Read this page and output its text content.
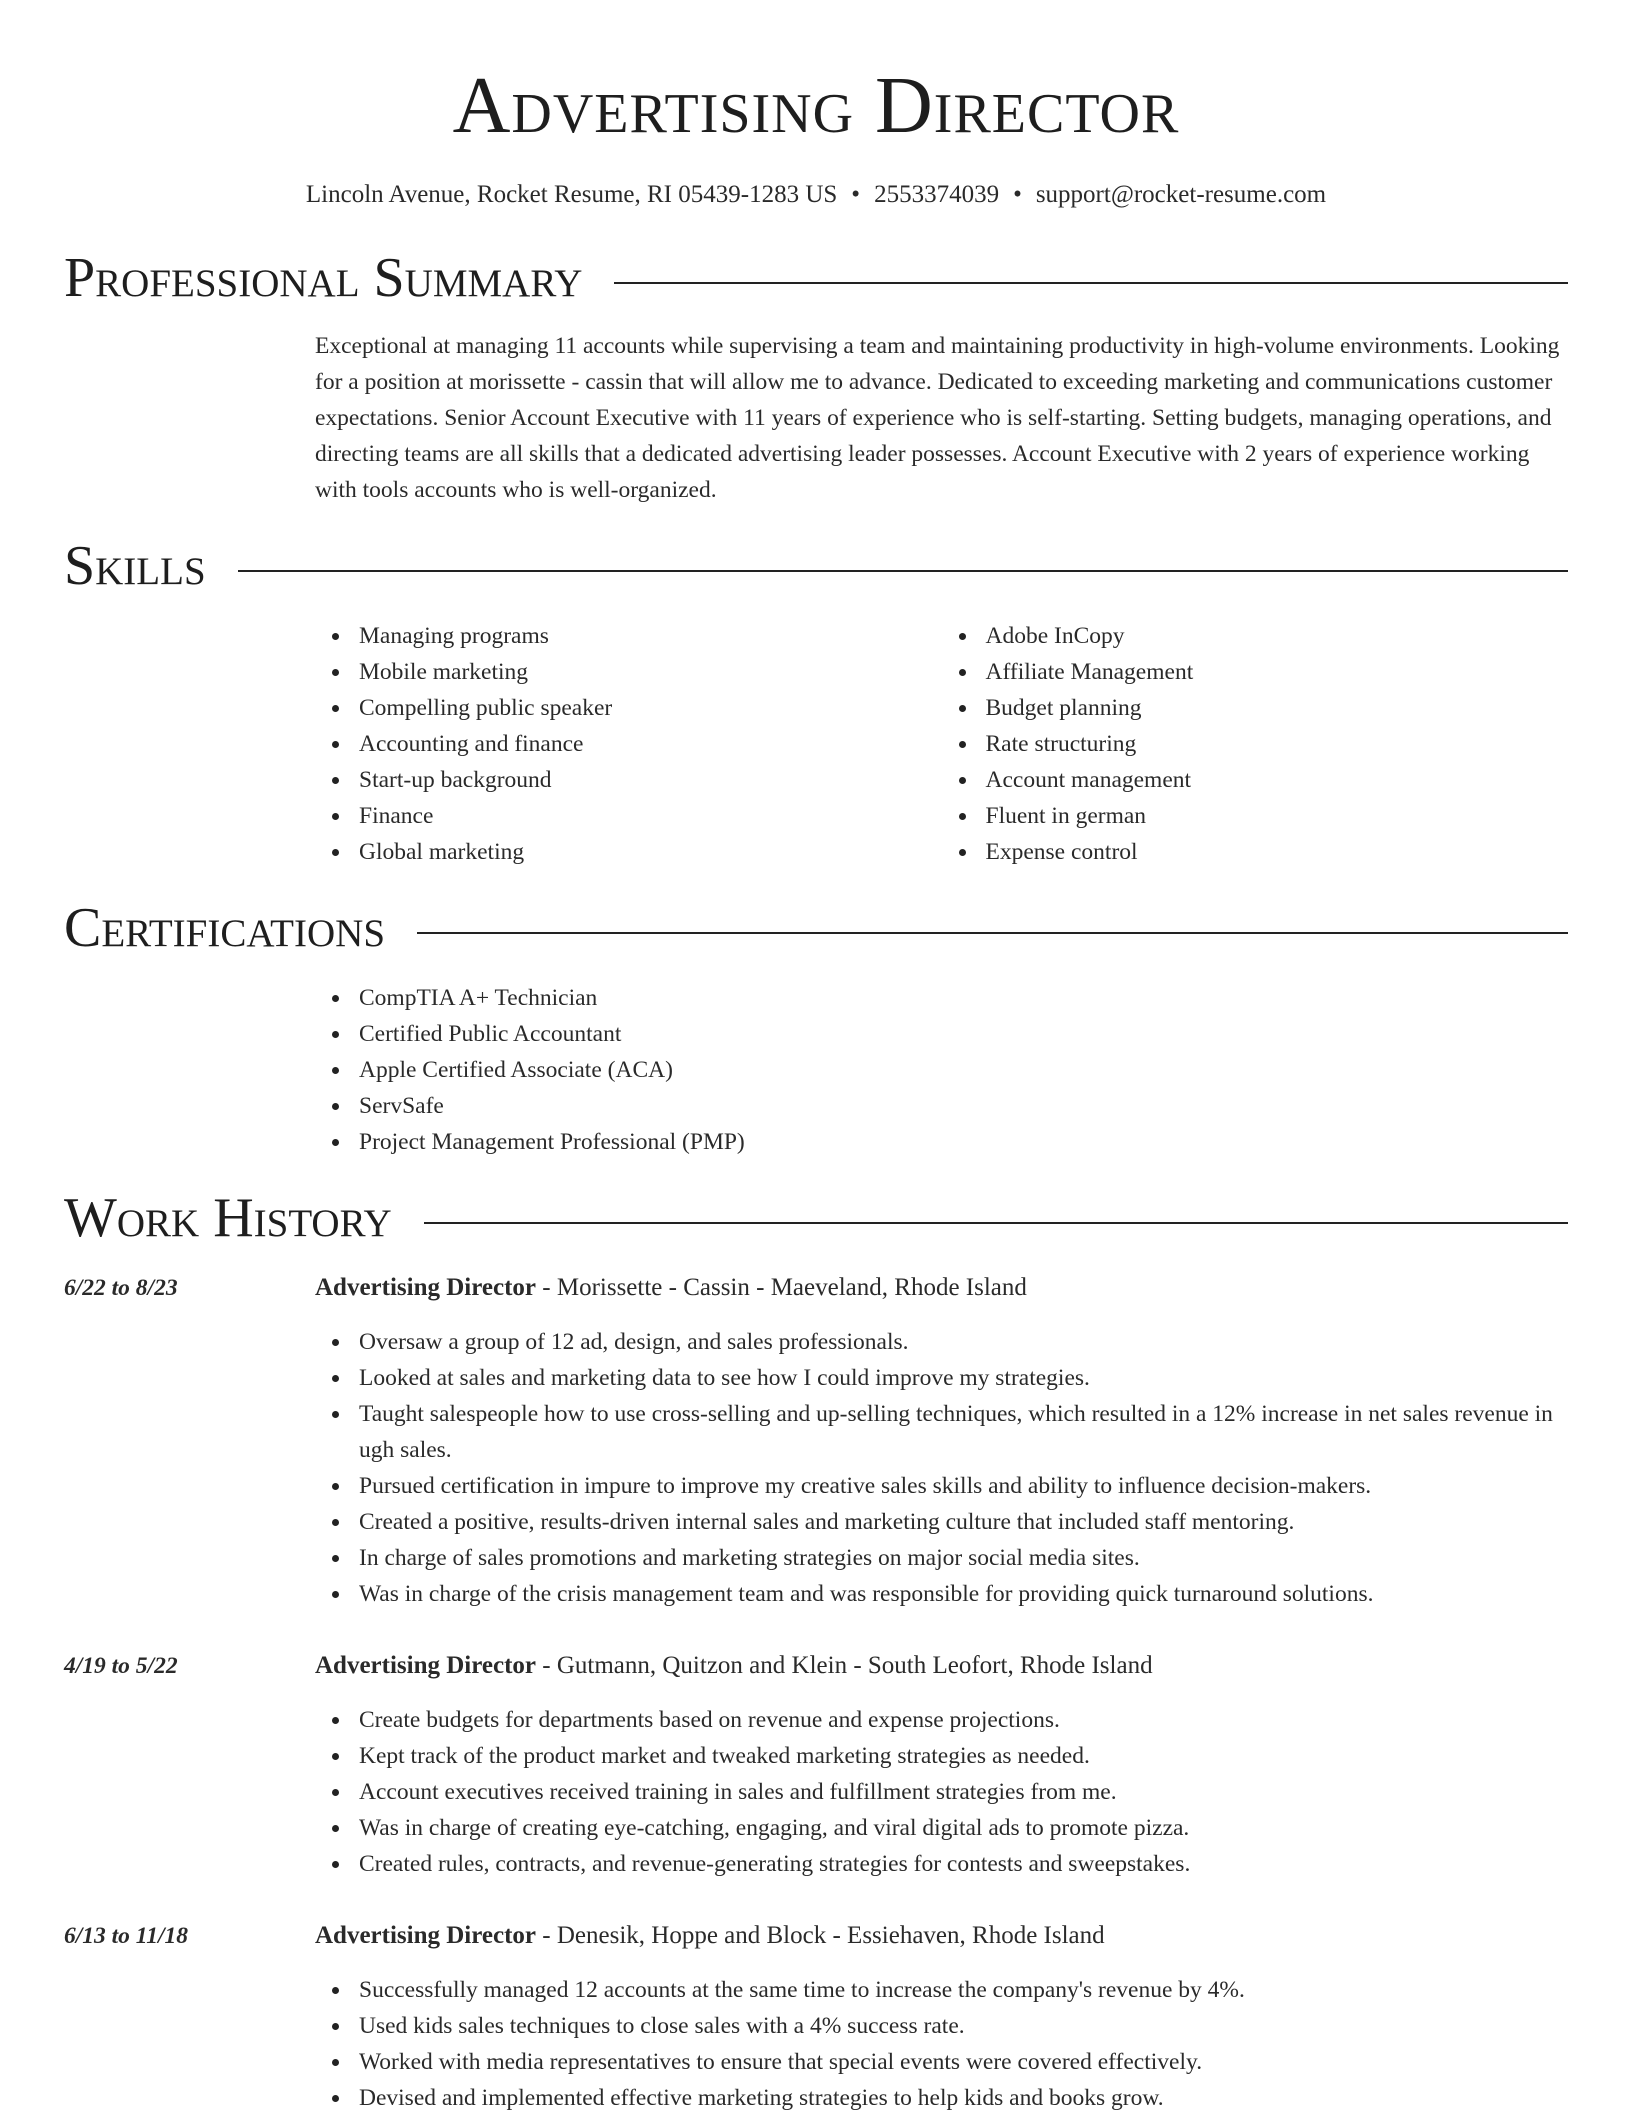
Advertising Director
Lincoln Avenue, Rocket Resume, RI 05439-1283 US • 2553374039 • support@rocket-resume.com
Professional Summary

Exceptional at managing 11 accounts while supervising a team and maintaining productivity in high-volume environments. Looking for a position at morissette - cassin that will allow me to advance. Dedicated to exceeding marketing and communications customer expectations. Senior Account Executive with 11 years of experience who is self-starting. Setting budgets, managing operations, and directing teams are all skills that a dedicated advertising leader possesses. Account Executive with 2 years of experience working with tools accounts who is well-organized.

Skills
Managing programs
Mobile marketing
Compelling public speaker
Accounting and finance
Start-up background
Finance
Global marketing
Adobe InCopy
Affiliate Management
Budget planning
Rate structuring
Account management
Fluent in german
Expense control
Certifications
CompTIA A+ Technician
Certified Public Accountant
Apple Certified Associate (ACA)
ServSafe
Project Management Professional (PMP)
Work History
6/22 to 8/23	Advertising Director - Morissette - Cassin - Maeveland, Rhode Island
Oversaw a group of 12 ad, design, and sales professionals.
Looked at sales and marketing data to see how I could improve my strategies.
Taught salespeople how to use cross-selling and up-selling techniques, which resulted in a 12% increase in net sales revenue in ugh sales.
Pursued certification in impure to improve my creative sales skills and ability to influence decision-makers.
Created a positive, results-driven internal sales and marketing culture that included staff mentoring.
In charge of sales promotions and marketing strategies on major social media sites.
Was in charge of the crisis management team and was responsible for providing quick turnaround solutions.
4/19 to 5/22	Advertising Director - Gutmann, Quitzon and Klein - South Leofort, Rhode Island
Create budgets for departments based on revenue and expense projections.
Kept track of the product market and tweaked marketing strategies as needed.
Account executives received training in sales and fulfillment strategies from me.
Was in charge of creating eye-catching, engaging, and viral digital ads to promote pizza.
Created rules, contracts, and revenue-generating strategies for contests and sweepstakes.
6/13 to 11/18	Advertising Director - Denesik, Hoppe and Block - Essiehaven, Rhode Island
Successfully managed 12 accounts at the same time to increase the company's revenue by 4%.
Used kids sales techniques to close sales with a 4% success rate.
Worked with media representatives to ensure that special events were covered effectively.
Devised and implemented effective marketing strategies to help kids and books grow.
